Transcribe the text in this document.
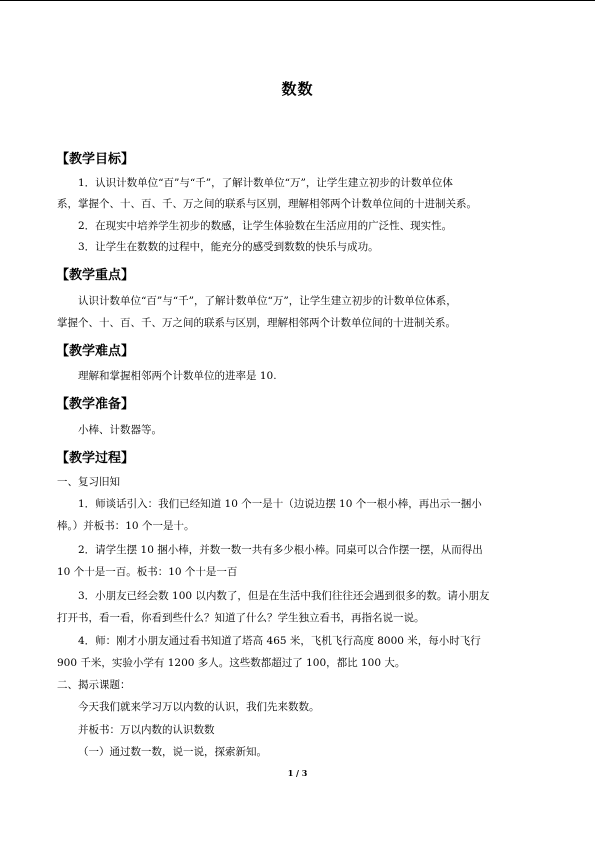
数数
【教学目标】
1．认识计数单位“百”与“千”，了解计数单位“万”，让学生建立初步的计数单位体
系，掌握个、十、百、千、万之间的联系与区别，理解相邻两个计数单位间的十进制关系。
2．在现实中培养学生初步的数感，让学生体验数在生活应用的广泛性、现实性。
3．让学生在数数的过程中，能充分的感受到数数的快乐与成功。
【教学重点】
认识计数单位“百”与“千”，了解计数单位“万”，让学生建立初步的计数单位体系，
掌握个、十、百、千、万之间的联系与区别，理解相邻两个计数单位间的十进制关系。
【教学难点】
理解和掌握相邻两个计数单位的进率是 10.
【教学准备】
小棒、计数器等。
【教学过程】
一、复习旧知
1．师谈话引入：我们已经知道 10 个一是十（边说边摆 10 个一根小棒，再出示一捆小
棒。）并板书：10 个一是十。
2．请学生摆 10 捆小棒，并数一数一共有多少根小棒。同桌可以合作摆一摆，从而得出
10 个十是一百。板书：10 个十是一百
3．小朋友已经会数 100 以内数了，但是在生活中我们往往还会遇到很多的数。请小朋友
打开书，看一看，你看到些什么？知道了什么？学生独立看书，再指名说一说。
4．师：刚才小朋友通过看书知道了塔高 465 米，飞机飞行高度 8000 米，每小时飞行
900 千米，实验小学有 1200 多人。这些数都超过了 100，都比 100 大。
二、揭示课题：
今天我们就来学习万以内数的认识，我们先来数数。
并板书：万以内数的认识数数
（一）通过数一数，说一说，探索新知。
1 / 3
